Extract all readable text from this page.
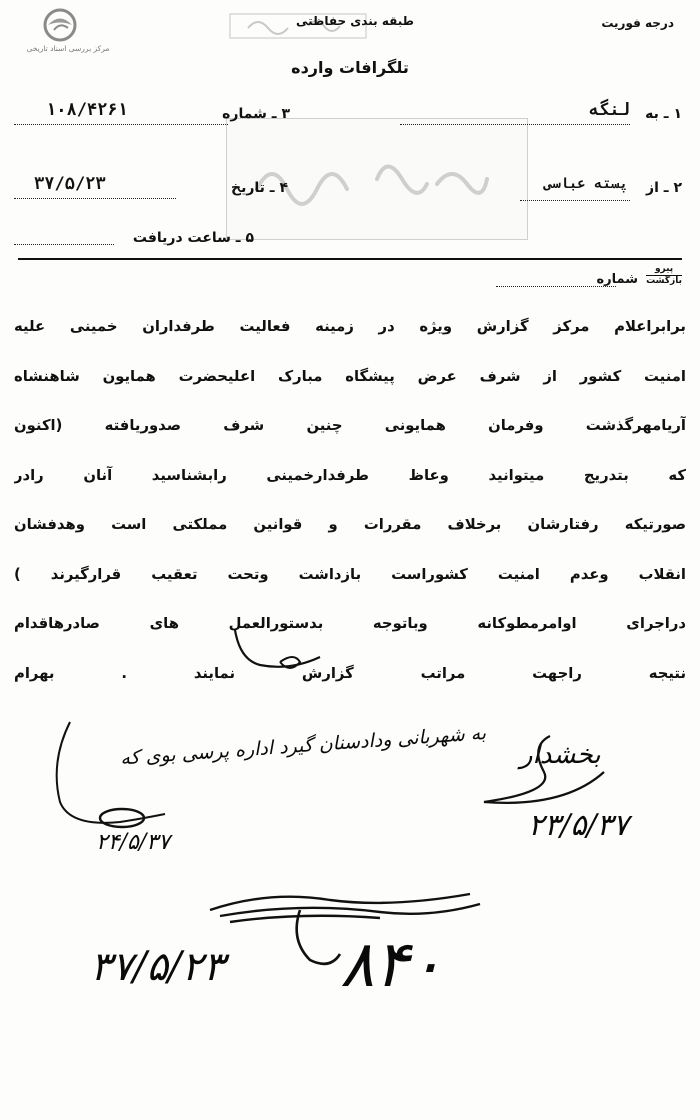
مرکز بررسی اسناد تاریخی
درجه فوریت
طبقه بندی حفاظتی
تلگرافات وارده
۱ ـ به
لنگه
۳ ـ شماره
۱۰۸/۴۲۶۱
۲ ـ از
پسته عباسی
۴ ـ تاریخ
۳۷/۵/۲۳
۵ ـ ساعت دریافت
پیرو
بازگشت
شماره
برابراعلام مرکز گزارش ویژه در زمینه فعالیت طرفداران خمینی علیه
امنیت کشور از شرف عرض پیشگاه مبارک اعلیحضرت همایون شاهنشاه
آریامهرگذشت وفرمان همایونی چنین شرف صدوریافته (اکنون
که بتدریج میتوانید وعاظ طرفدارخمینی رابشناسید آنان رادر
صورتیکه رفتارشان برخلاف مقررات و قوانین مملکتی است وهدفشان
انقلاب وعدم امنیت کشوراست بازداشت وتحت تعقیب قرارگیرند )
دراجرای اوامرمطوکانه وباتوجه بدستورالعمل های صادرهاقدام
نتیجه راجهت مراتب گزارش نمایند . بهرام
به شهربانی ودادسنان گیرد اداره پرسی بوی که
۲۴/۵/۳۷
بخشدار
۲۳/۵/۳۷
۸۴۰
۳۷/۵/۲۳
